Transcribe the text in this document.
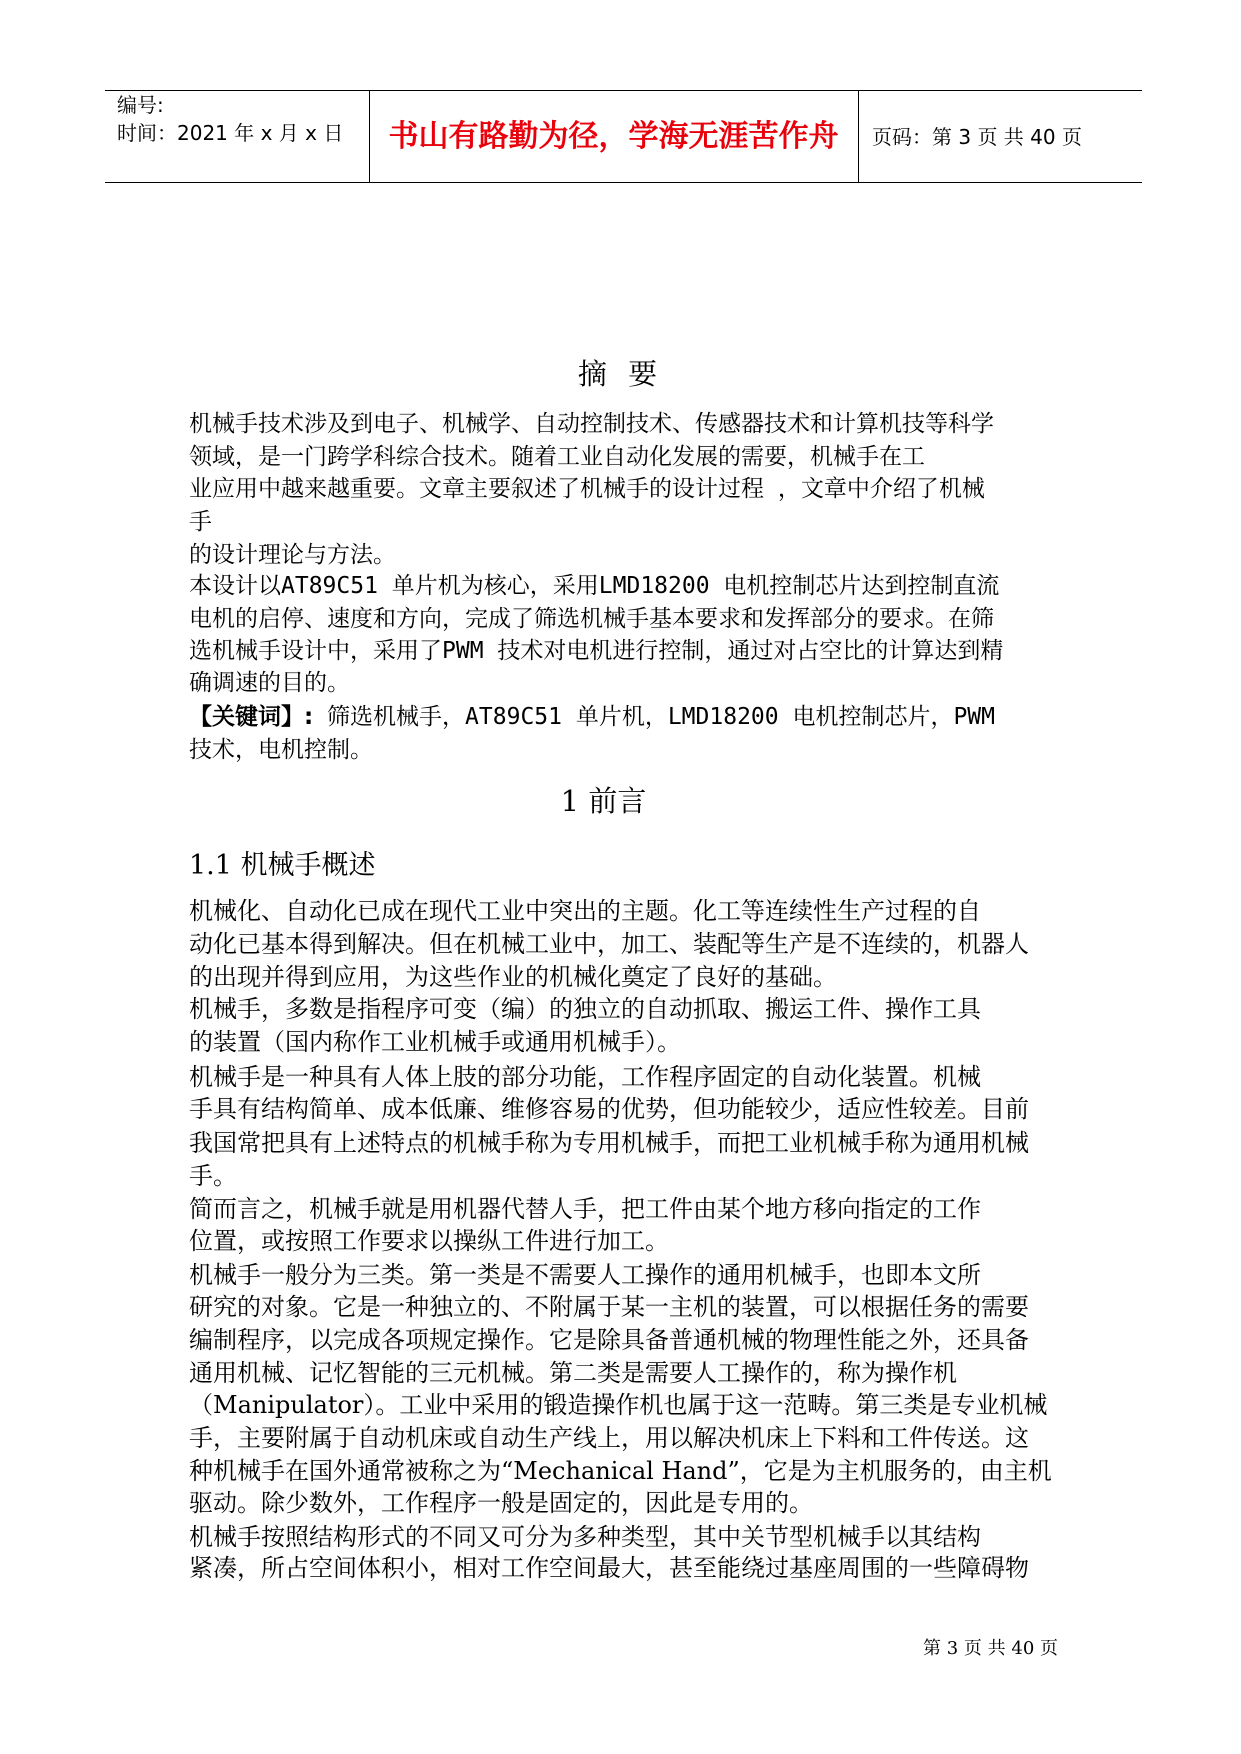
编号:
时间：2021 年 x 月 x 日	书山有路勤为径，学海无涯苦作舟	页码：第 3 页 共 40 页
摘 要
机械手技术涉及到电子、机械学、自动控制技术、传感器技术和计算机技等科学
领域，是一门跨学科综合技术。随着工业自动化发展的需要，机械手在工
业应用中越来越重要。文章主要叙述了机械手的设计过程 ，文章中介绍了机械
手
的设计理论与方法。
本设计以AT89C51 单片机为核心，采用LMD18200 电机控制芯片达到控制直流
电机的启停、速度和方向，完成了筛选机械手基本要求和发挥部分的要求。在筛
选机械手设计中，采用了PWM 技术对电机进行控制，通过对占空比的计算达到精
确调速的目的。
【关键词】: 筛选机械手，AT89C51 单片机，LMD18200 电机控制芯片，PWM
技术，电机控制。
1 前言
1.1 机械手概述
机械化、自动化已成在现代工业中突出的主题。化工等连续性生产过程的自
动化已基本得到解决。但在机械工业中，加工、装配等生产是不连续的，机器人
的出现并得到应用，为这些作业的机械化奠定了良好的基础。
机械手，多数是指程序可变（编）的独立的自动抓取、搬运工件、操作工具
的装置（国内称作工业机械手或通用机械手）。
机械手是一种具有人体上肢的部分功能，工作程序固定的自动化装置。机械
手具有结构简单、成本低廉、维修容易的优势，但功能较少，适应性较差。目前
我国常把具有上述特点的机械手称为专用机械手，而把工业机械手称为通用机械
手。
简而言之，机械手就是用机器代替人手，把工件由某个地方移向指定的工作
位置，或按照工作要求以操纵工件进行加工。
机械手一般分为三类。第一类是不需要人工操作的通用机械手，也即本文所
研究的对象。它是一种独立的、不附属于某一主机的装置，可以根据任务的需要
编制程序，以完成各项规定操作。它是除具备普通机械的物理性能之外，还具备
通用机械、记忆智能的三元机械。第二类是需要人工操作的，称为操作机
（Manipulator）。工业中采用的锻造操作机也属于这一范畴。第三类是专业机械
手，主要附属于自动机床或自动生产线上，用以解决机床上下料和工件传送。这
种机械手在国外通常被称之为“Mechanical Hand”，它是为主机服务的，由主机
驱动。除少数外，工作程序一般是固定的，因此是专用的。
机械手按照结构形式的不同又可分为多种类型，其中关节型机械手以其结构
紧凑，所占空间体积小，相对工作空间最大，甚至能绕过基座周围的一些障碍物
第 3 页 共 40 页
